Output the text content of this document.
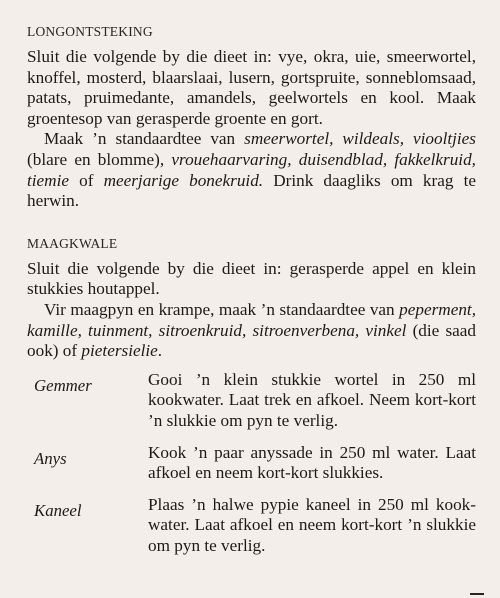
LONGONTSTEKING

Sluit die volgende by die dieet in: vye, okra, uie, smeerwortel, knoffel, mosterd, blaarslaai, lusern, gortspruite, sonneblomsaad, patats, pruimedante, amandels, geelwortels en kool. Maak groentesop van gerasperde groente en gort.

Maak ’n standaardtee van smeerwortel, wildeals, viooltjies (blare en blomme), vrouehaarvaring, duisendblad, fakkelkruid, tiemie of meerjarige bonekruid. Drink daagliks om krag te herwin.

MAAGKWALE

Sluit die volgende by die dieet in: gerasperde appel en klein stukkies houtappel.

Vir maagpyn en krampe, maak ’n standaardtee van peperment, kamille, tuinment, sitroenkruid, sitroenverbena, vinkel (die saad ook) of pietersielie.

Gemmer	Gooi ’n klein stukkie wortel in 250 ml kookwater. Laat trek en afkoel. Neem kort-kort ’n slukkie om pyn te verlig.

Anys	Kook ’n paar anyssade in 250 ml water. Laat afkoel en neem kort-kort slukkies.

Kaneel	Plaas ’n halwe pypie kaneel in 250 ml kookwater. Laat afkoel en neem kort-kort ’n slukkie om pyn te verlig.
